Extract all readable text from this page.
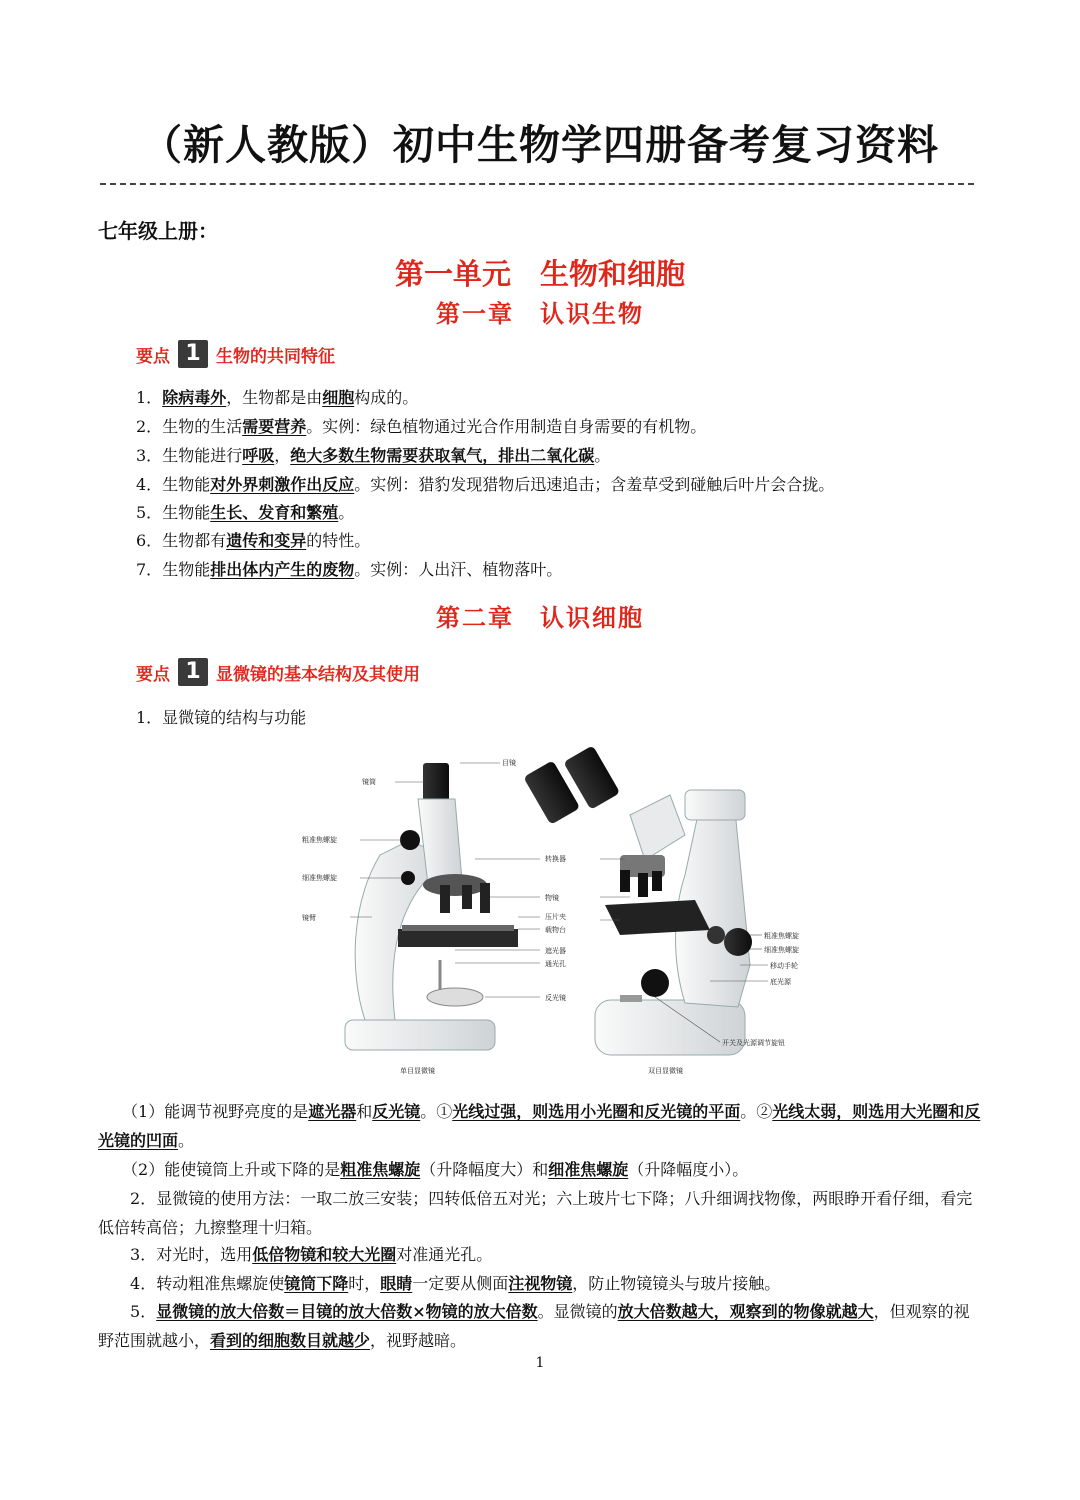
（新人教版）初中生物学四册备考复习资料
七年级上册：
第一单元　生物和细胞
第一章　认识生物
要点 1 生物的共同特征
1．除病毒外，生物都是由细胞构成的。
2．生物的生活需要营养。实例：绿色植物通过光合作用制造自身需要的有机物。
3．生物能进行呼吸，绝大多数生物需要获取氧气，排出二氧化碳。
4．生物能对外界刺激作出反应。实例：猎豹发现猎物后迅速追击；含羞草受到碰触后叶片会合拢。
5．生物能生长、发育和繁殖。
6．生物都有遗传和变异的特性。
7．生物能排出体内产生的废物。实例：人出汗、植物落叶。
第二章　认识细胞
要点 1 显微镜的基本结构及其使用
1．显微镜的结构与功能
目镜
镜筒
粗准焦螺旋
细准焦螺旋
镜臂
转换器
物镜
压片夹
载物台
遮光器
通光孔
反光镜
粗准焦螺旋
细准焦螺旋
移动手轮
底光源
开关及光源调节旋钮
单目显微镜	双目显微镜
　　（1）能调节视野亮度的是遮光器和反光镜。①光线过强，则选用小光圈和反光镜的平面。②光线太弱，则选用大光圈和反光镜的凹面。
　　（2）能使镜筒上升或下降的是粗准焦螺旋（升降幅度大）和细准焦螺旋（升降幅度小）。
　　2．显微镜的使用方法：一取二放三安装；四转低倍五对光；六上玻片七下降；八升细调找物像，两眼睁开看仔细，看完低倍转高倍；九擦整理十归箱。
　　3．对光时，选用低倍物镜和较大光圈对准通光孔。
　　4．转动粗准焦螺旋使镜筒下降时，眼睛一定要从侧面注视物镜，防止物镜镜头与玻片接触。
　　5．显微镜的放大倍数＝目镜的放大倍数×物镜的放大倍数。显微镜的放大倍数越大，观察到的物像就越大，但观察的视野范围就越小，看到的细胞数目就越少，视野越暗。
1
